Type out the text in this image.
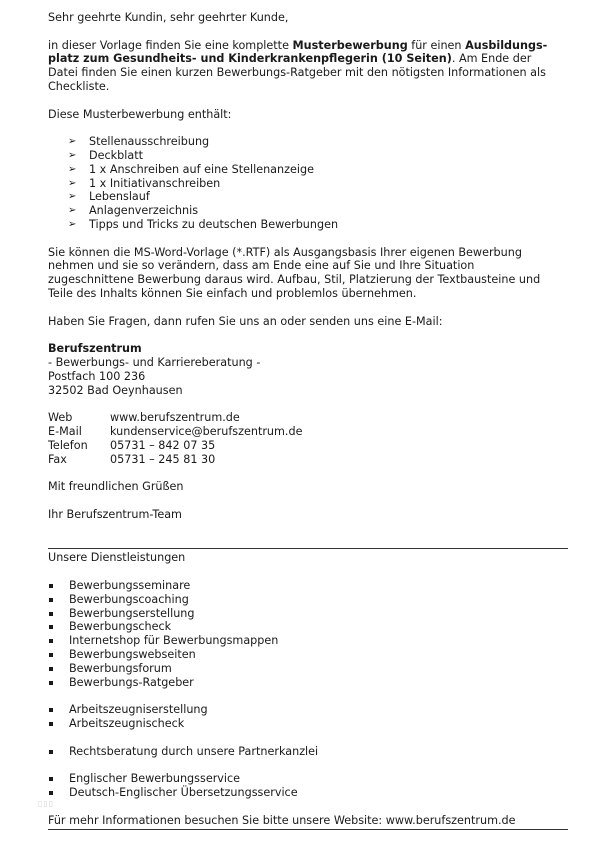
Sehr geehrte Kundin, sehr geehrter Kunde,

in dieser Vorlage finden Sie eine komplette Musterbewerbung für einen Ausbildungs-

platz zum Gesundheits- und Kinderkrankenpflegerin (10 Seiten). Am Ende der

Datei finden Sie einen kurzen Bewerbungs-Ratgeber mit den nötigsten Informationen als

Checkliste.

Diese Musterbewerbung enthält:

➢ Stellenausschreibung
➢ Deckblatt
➢ 1 x Anschreiben auf eine Stellenanzeige
➢ 1 x Initiativanschreiben
➢ Lebenslauf
➢ Anlagenverzeichnis
➢ Tipps und Tricks zu deutschen Bewerbungen

Sie können die MS-Word-Vorlage (*.RTF) als Ausgangsbasis Ihrer eigenen Bewerbung

nehmen und sie so verändern, dass am Ende eine auf Sie und Ihre Situation

zugeschnittene Bewerbung daraus wird. Aufbau, Stil, Platzierung der Textbausteine und

Teile des Inhalts können Sie einfach und problemlos übernehmen.

Haben Sie Fragen, dann rufen Sie uns an oder senden uns eine E-Mail:

Berufszentrum

- Bewerbungs- und Karriereberatung -

Postfach 100 236

32502 Bad Oeynhausen

Web	www.berufszentrum.de
E-Mail	kundenservice@berufszentrum.de
Telefon	05731 – 842 07 35
Fax	05731 – 245 81 30

Mit freundlichen Grüßen

Ihr Berufszentrum-Team

Unsere Dienstleistungen

Bewerbungsseminare
Bewerbungscoaching
Bewerbungserstellung
Bewerbungscheck
Internetshop für Bewerbungsmappen
Bewerbungswebseiten
Bewerbungsforum
Bewerbungs-Ratgeber
Arbeitszeugniserstellung
Arbeitszeugnischeck
Rechtsberatung durch unsere Partnerkanzlei
Englischer Bewerbungsservice
Deutsch-Englischer Übersetzungsservice

Für mehr Informationen besuchen Sie bitte unsere Website: www.berufszentrum.de

▯▯▯
